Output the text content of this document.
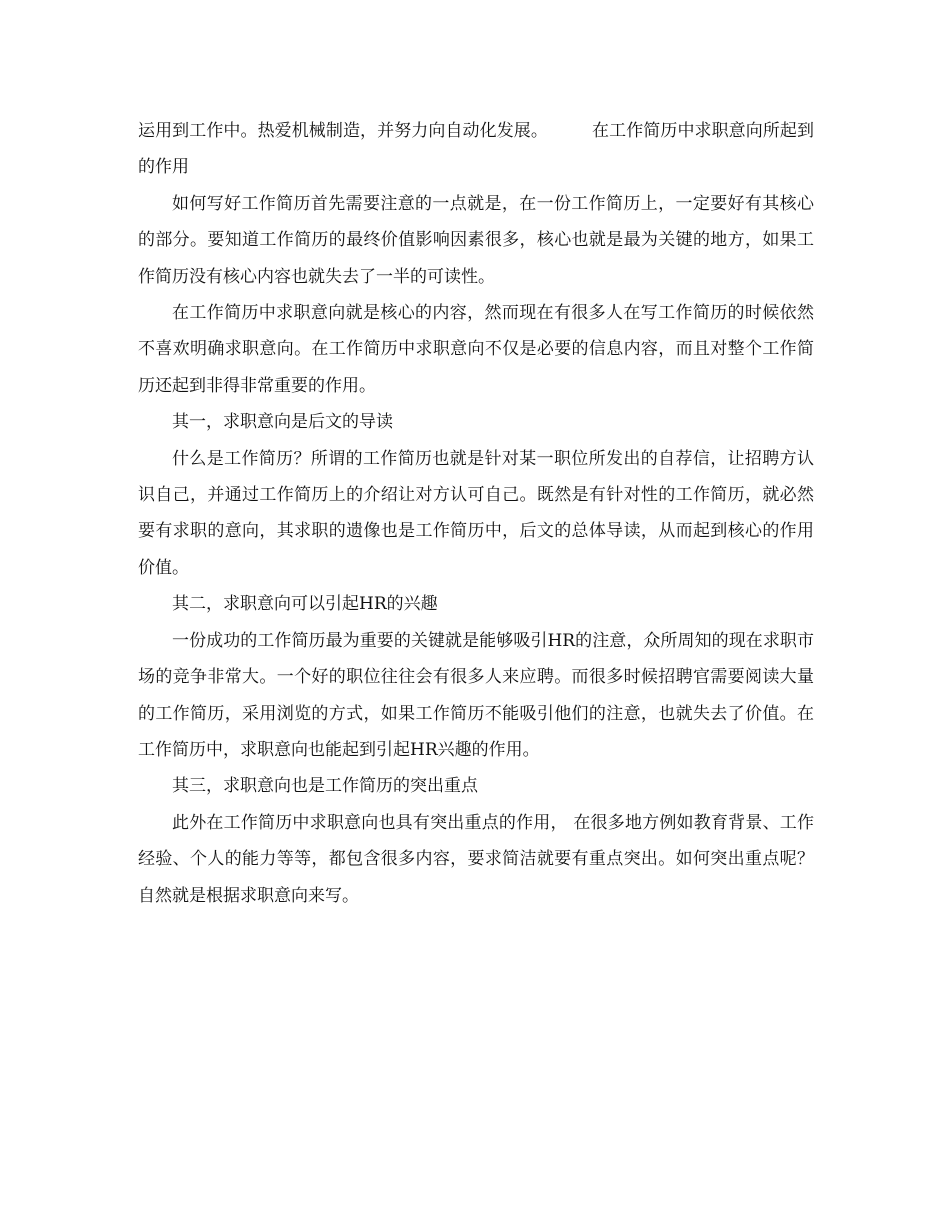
运用到工作中。热爱机械制造，并努力向自动化发展。	在工作简历中求职意向所起到的作用

如何写好工作简历首先需要注意的一点就是，在一份工作简历上，一定要好有其核心的部分。要知道工作简历的最终价值影响因素很多，核心也就是最为关键的地方，如果工作简历没有核心内容也就失去了一半的可读性。

在工作简历中求职意向就是核心的内容，然而现在有很多人在写工作简历的时候依然不喜欢明确求职意向。在工作简历中求职意向不仅是必要的信息内容，而且对整个工作简历还起到非得非常重要的作用。

其一，求职意向是后文的导读

什么是工作简历？所谓的工作简历也就是针对某一职位所发出的自荐信，让招聘方认识自己，并通过工作简历上的介绍让对方认可自己。既然是有针对性的工作简历，就必然要有求职的意向，其求职的遗像也是工作简历中，后文的总体导读，从而起到核心的作用价值。

其二，求职意向可以引起HR的兴趣

一份成功的工作简历最为重要的关键就是能够吸引HR的注意，众所周知的现在求职市场的竞争非常大。一个好的职位往往会有很多人来应聘。而很多时候招聘官需要阅读大量的工作简历，采用浏览的方式，如果工作简历不能吸引他们的注意，也就失去了价值。在工作简历中，求职意向也能起到引起HR兴趣的作用。

其三，求职意向也是工作简历的突出重点

此外在工作简历中求职意向也具有突出重点的作用， 在很多地方例如教育背景、工作经验、个人的能力等等，都包含很多内容，要求简洁就要有重点突出。如何突出重点呢？自然就是根据求职意向来写。
